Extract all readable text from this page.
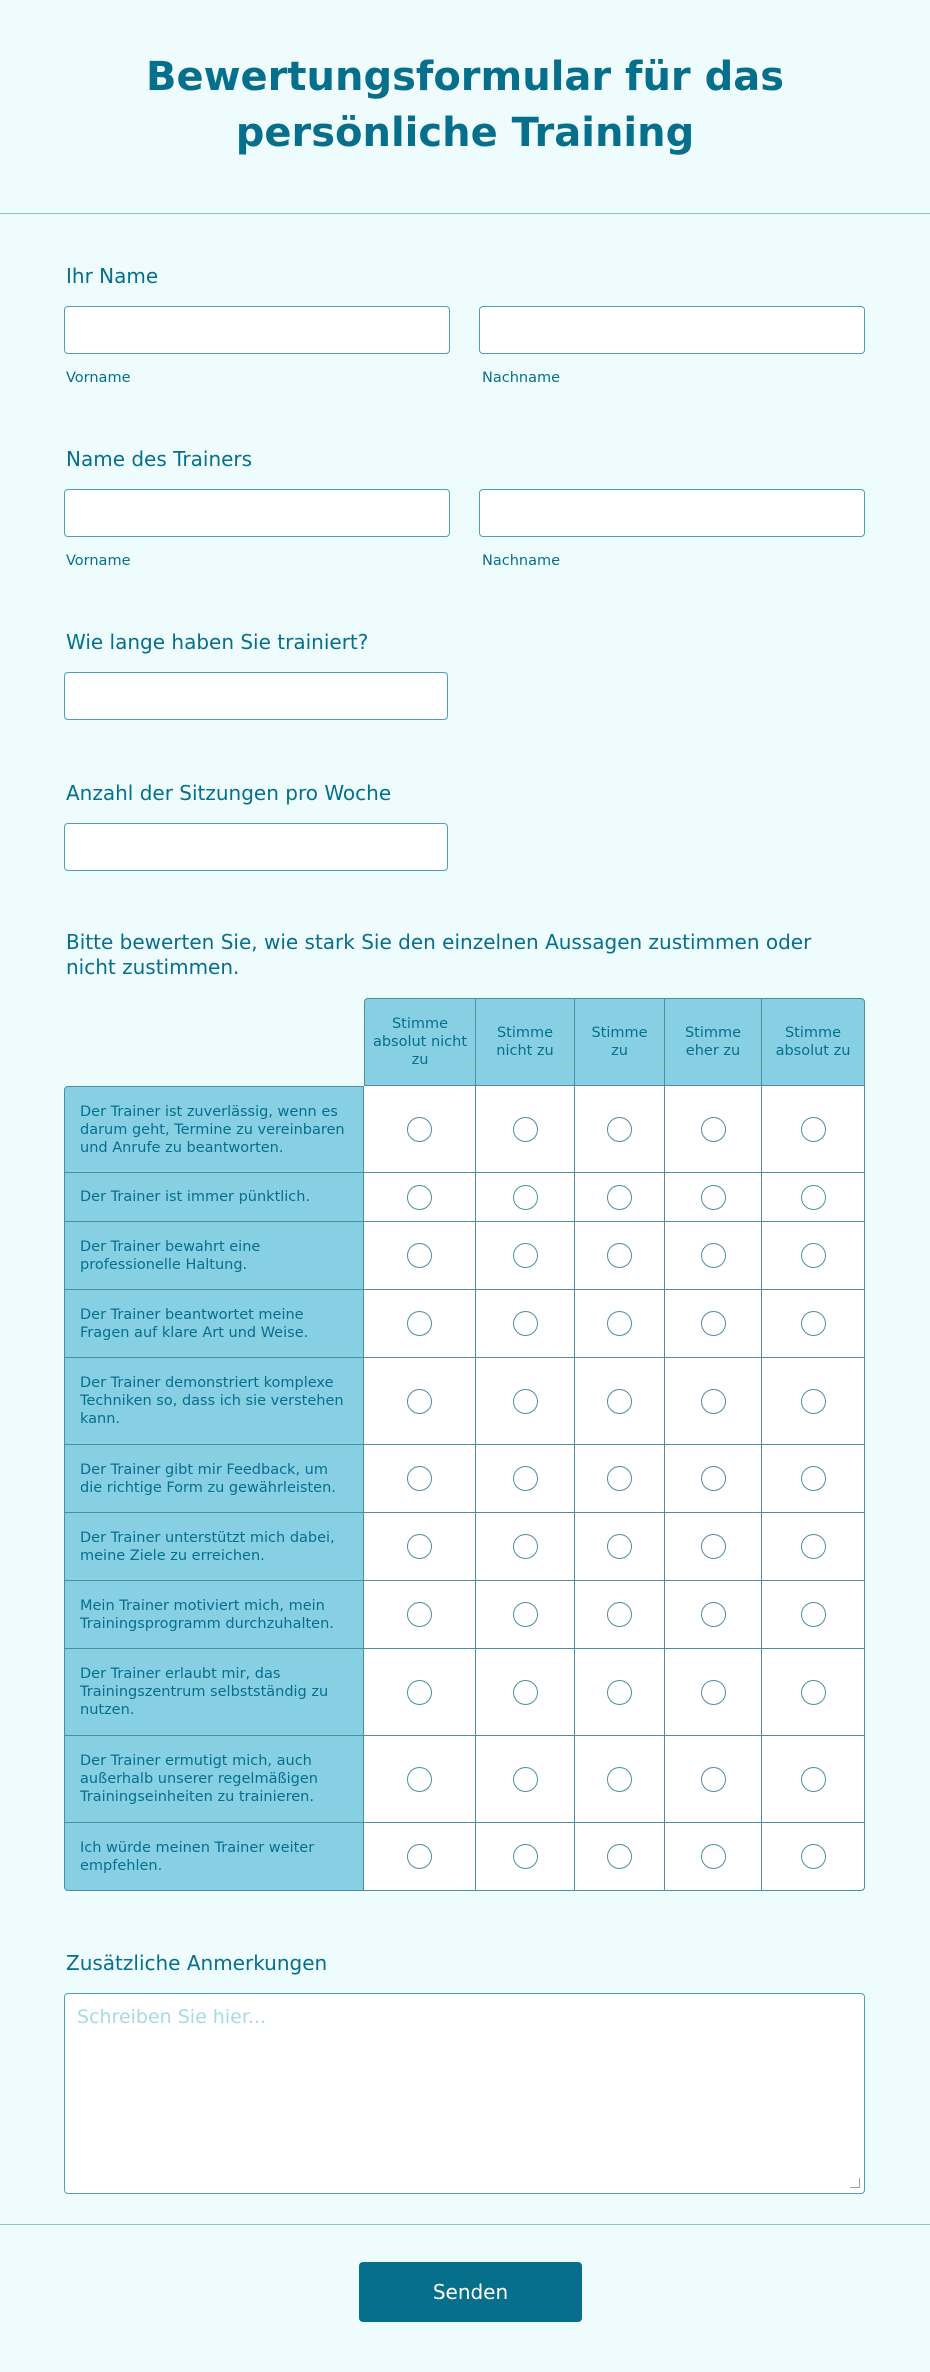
Bewertungsformular für das persönliche Training
Ihr Name
Vorname	Nachname
Name des Trainers
Vorname	Nachname
Wie lange haben Sie trainiert?
Anzahl der Sitzungen pro Woche
Bitte bewerten Sie, wie stark Sie den einzelnen Aussagen zustimmen oder nicht zustimmen.
	Stimme absolut nicht zu	Stimme nicht zu	Stimme zu	Stimme eher zu	Stimme absolut zu
Der Trainer ist zuverlässig, wenn es darum geht, Termine zu vereinbaren und Anrufe zu beantworten.					
Der Trainer ist immer pünktlich.					
Der Trainer bewahrt eine professionelle Haltung.					
Der Trainer beantwortet meine Fragen auf klare Art und Weise.					
Der Trainer demonstriert komplexe Techniken so, dass ich sie verstehen kann.					
Der Trainer gibt mir Feedback, um die richtige Form zu gewährleisten.					
Der Trainer unterstützt mich dabei, meine Ziele zu erreichen.					
Mein Trainer motiviert mich, mein Trainingsprogramm durchzuhalten.					
Der Trainer erlaubt mir, das Trainingszentrum selbstständig zu nutzen.					
Der Trainer ermutigt mich, auch außerhalb unserer regelmäßigen Trainingseinheiten zu trainieren.					
Ich würde meinen Trainer weiter empfehlen.					
Zusätzliche Anmerkungen
Schreiben Sie hier...
Senden
